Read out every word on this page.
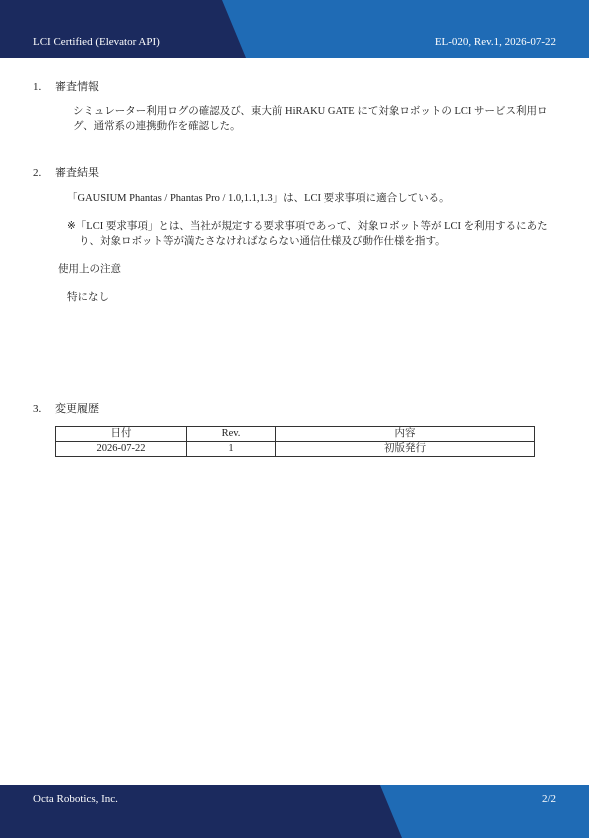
LCI Certified (Elevator API)	EL-020, Rev.1, 2026-07-22
1. 審査情報
シミュレーター利用ログの確認及び、東大前 HiRAKU GATE にて対象ロボットの LCI サービス利用ログ、通常系の連携動作を確認した。
2. 審査結果
「GAUSIUM Phantas / Phantas Pro / 1.0,1.1,1.3」は、LCI 要求事項に適合している。
※「LCI 要求事項」とは、当社が規定する要求事項であって、対象ロボット等が LCI を利用するにあたり、対象ロボット等が満たさなければならない通信仕様及び動作仕様を指す。
使用上の注意
特になし
3. 変更履歴
日付	Rev.	内容
2026-07-22	1	初版発行
Octa Robotics, Inc.	2/2
